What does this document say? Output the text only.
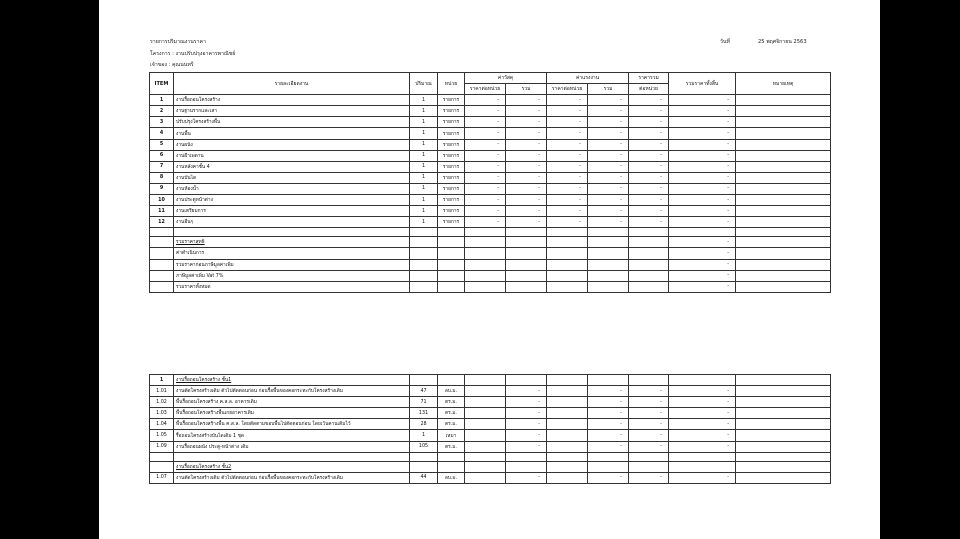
รายการปริมาณงานราคา
โครงการ : งานปรับปรุงอาคารพาณิชย์
เจ้าของ : คุณนนทรี
วันที่	25 พฤศจิกายน 2563
ITEM	รายละเอียดงาน	ปริมาณ	หน่วย	ค่าวัสดุ		ค่าแรงงาน		ราคารวม	รวมราคาทั้งสิ้น	หมายเหตุ
				ราคาต่อหน่วย	รวม	ราคาต่อหน่วย	รวม	ต่อหน่วย		
1	งานรื้อถอนโครงสร้าง	1	รายการ	-	-	-	-	-	-	
2	งานฐานรากและเสา	1	รายการ	-	-	-	-	-	-	
3	ปรับปรุงโครงสร้างพื้น	1	รายการ	-	-	-	-	-	-	
4	งานพื้น	1	รายการ	-	-	-	-	-	-	
5	งานผนัง	1	รายการ	-	-	-	-	-	-	
6	งานฝ้าเพดาน	1	รายการ	-	-	-	-	-	-	
7	งานหลังคาชั้น 4	1	รายการ	-	-	-	-	-	-	
8	งานบันได	1	รายการ	-	-	-	-	-	-	
9	งานห้องน้ำ	1	รายการ	-	-	-	-	-	-	
10	งานประตูหน้าต่าง	1	รายการ	-	-	-	-	-	-	
11	งานเตรียมการ	1	รายการ	-	-	-	-	-	-	
12	งานอื่นๆ	1	รายการ	-	-	-	-	-	-	

	รวมราคาสุทธิ								-	
	ค่าดำเนินการ								-	
	รวมราคาก่อนภาษีมูลค่าเพิ่ม								-	
	ภาษีมูลค่าเพิ่ม Vat 7%								-	
	รวมราคาทั้งหมด								-	
1	งานรื้อถอนโครงสร้าง ชั้น1									
1.01	งานตัดโครงสร้างเดิม ตัวไปตัดตอนก่อน ก่อนรื้อพื้นของคอกระทะกับโครงสร้างเดิม	47	ลบ.ม.		-		-	-	-	
1.02	พื้นรื้อถอนโครงสร้าง ค.ส.ล. อาคารเดิม	71	ตร.ม.		-		-	-	-	
1.03	พื้นรื้อถอนโครงสร้างพื้นเกยอาคารเดิม	131	ตร.ม.		-		-	-	-	
1.04	พื้นรื้อถอนโครงสร้างพื้น ค.ส.ล. โดยตัดตามขอบพื้นไปตัดตอนก่อน โดยเว้นคานเดิมไว้	28	ตร.ม.		-		-	-	-	
1.05	รื้อถอนโครงสร้างบันไดเดิม 1 ชุด	1	เหมา		-		-	-	-	
1.09	งานรื้อถอนผนัง ประตู-หน้าต่าง เดิม	105	ตร.ม.		-		-	-	-	

	งานรื้อถอนโครงสร้าง ชั้น2									
1.07	งานตัดโครงสร้างเดิม ตัวไปตัดตอนก่อน ก่อนรื้อพื้นของคอกระทะกับโครงสร้างเดิม	44	ลบ.ม.		-		-	-	-	
